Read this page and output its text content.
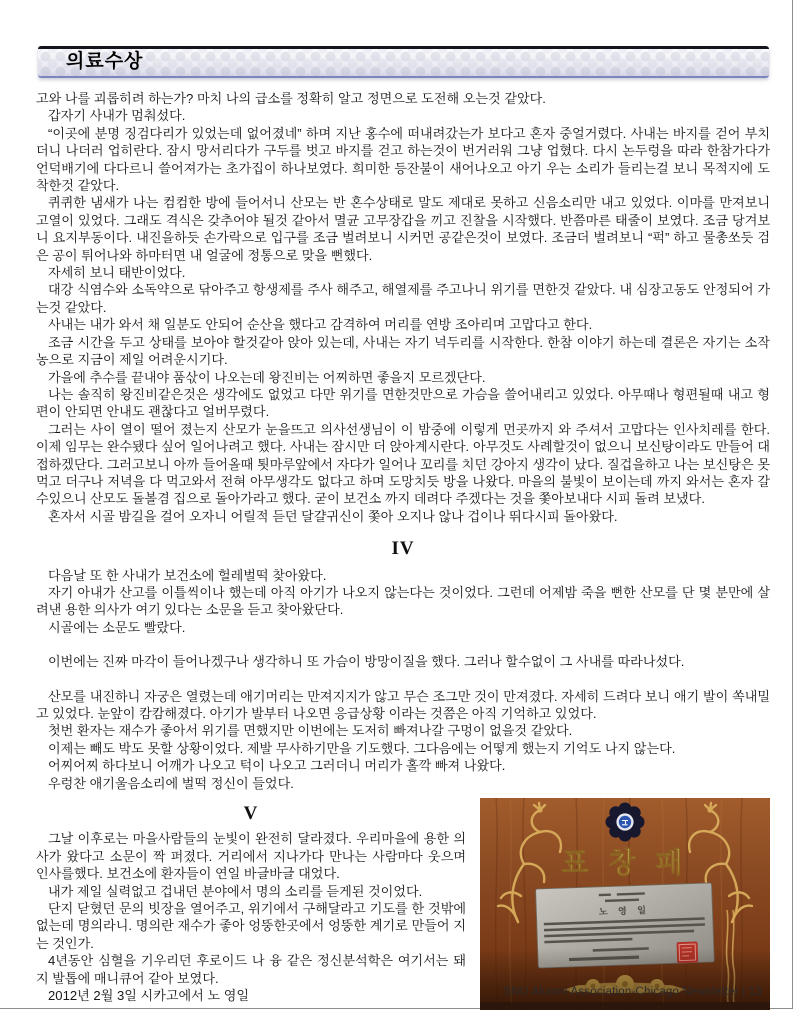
의료수상

고와 나를 괴롭히려 하는가? 마치 나의 급소를 정확히 알고 정면으로 도전해 오는것 같았다.

갑자기 사내가 멈춰섰다.

“이곳에 분명 징검다리가 있었는데 없어졌네” 하며 지난 홍수에 떠내려갔는가 보다고 혼자 중얼거렸다. 사내는 바지를 걷어 부치더니 나더러 업히란다. 잠시 망서리다가 구두를 벗고 바지를 걷고 하는것이 번거러워 그냥 업혔다. 다시 논두렁을 따라 한참가다가 언덕배기에 다다르니 쓸어져가는 초가집이 하나보였다. 희미한 등잔불이 새어나오고 아기 우는 소리가 들리는걸 보니 목적지에 도착한것 같았다.

퀴퀴한 냄새가 나는 컴컴한 방에 들어서니 산모는 반 혼수상태로 말도 제대로 못하고 신음소리만 내고 있었다. 이마를 만져보니 고열이 있었다. 그래도 격식은 갖추어야 될것 같아서 멸균 고무장갑을 끼고 진찰을 시작했다. 반쯤마른 태줄이 보였다. 조금 당겨보니 요지부동이다. 내진을하듯 손가락으로 입구를 조금 벌려보니 시커먼 공같은것이 보였다. 조금더 벌려보니 “퍽” 하고 물총쏘듯 검은 공이 튀어나와 하마터면 내 얼굴에 정통으로 맞을 뻔했다.

자세히 보니 태반이었다.

대강 식염수와 소독약으로 닦아주고 항생제를 주사 해주고, 해열제를 주고나니 위기를 면한것 같았다. 내 심장고동도 안정되어 가는것 같았다.

사내는 내가 와서 채 일분도 안되어 순산을 했다고 감격하여 머리를 연방 조아리며 고맙다고 한다.

조금 시간을 두고 상태를 보아야 할것같아 앉아 있는데, 사내는 자기 넉두리를 시작한다. 한참 이야기 하는데 결론은 자기는 소작농으로 지금이 제일 어려운시기다.

가을에 추수를 끝내야 품삯이 나오는데 왕진비는 어찌하면 좋을지 모르겠단다.

나는 솔직히 왕진비같은것은 생각에도 없었고 다만 위기를 면한것만으로 가슴을 쓸어내리고 있었다. 아무때나 형편될때 내고 형편이 안되면 안내도 괜찮다고 얼버무렸다.

그러는 사이 열이 떨어 졌는지 산모가 눈을뜨고 의사선생님이 이 밤중에 이렇게 먼곳까지 와 주셔서 고맙다는 인사치레를 한다. 이제 임무는 완수됐다 싶어 일어나려고 했다. 사내는 잠시만 더 앉아계시란다. 아무것도 사례할것이 없으니 보신탕이라도 만들어 대접하겠단다. 그러고보니 아까 들어올때 툇마루앞에서 자다가 일어나 꼬리를 치던 강아지 생각이 났다. 질겁을하고 나는 보신탕은 못먹고 더구나 저녁을 다 먹고와서 전혀 아무생각도 없다고 하며 도망치듯 방을 나왔다. 마을의 불빛이 보이는데 까지 와서는 혼자 갈 수있으니 산모도 돌볼겸 집으로 돌아가라고 했다. 굳이 보건소 까지 데려다 주겠다는 것을 쫓아보내다 시피 돌려 보냈다.

혼자서 시골 밤길을 걸어 오자니 어릴적 듣던 달걀귀신이 쫓아 오지나 않나 겁이나 뛰다시피 돌아왔다.

IV

다음날 또 한 사내가 보건소에 헐레벌떡 찾아왔다.

자기 아내가 산고를 이틀씩이나 했는데 아직 아기가 나오지 않는다는 것이었다. 그런데 어제밤 죽을 뻔한 산모를 단 몇 분만에 살려낸 용한 의사가 여기 있다는 소문을 듣고 찾아왔단다.

시골에는 소문도 빨랐다.

이번에는 진짜 마각이 들어나겠구나 생각하니 또 가슴이 방망이질을 했다. 그러나 할수없이 그 사내를 따라나섰다.

산모를 내진하니 자궁은 열렸는데 애기머리는 만져지지가 않고 무슨 조그만 것이 만져졌다. 자세히 드려다 보니 애기 발이 쏙내밀고 있었다. 눈앞이 캄캄해졌다. 아기가 발부터 나오면 응급상황 이라는 것쯤은 아직 기억하고 있었다.

첫번 환자는 재수가 좋아서 위기를 면했지만 이번에는 도저히 빠져나갈 구멍이 없을것 같았다.

이제는 빼도 박도 못할 상황이었다. 제발 무사하기만을 기도했다. 그다음에는 어떻게 했는지 기억도 나지 않는다.

어찌어찌 하다보니 어깨가 나오고 턱이 나오고 그러더니 머리가 홀깍 빠져 나왔다.

우렁찬 애기울음소리에 벌떡 정신이 들었다.

표창패
노 영 일
V

그날 이후로는 마을사람들의 눈빛이 완전히 달라졌다. 우리마을에 용한 의사가 왔다고 소문이 짝 퍼졌다. 거리에서 지나가다 만나는 사람마다 웃으며 인사를했다. 보건소에 환자들이 연일 바글바글 대었다.

내가 제일 실력없고 겁내던 분야에서 명의 소리를 듣게된 것이었다.

단지 닫혔던 문의 빗장을 열어주고, 위기에서 구해달라고 기도를 한 것밖에 없는데 명의라니. 명의란 재수가 좋아 엉뚱한곳에서 엉뚱한 계기로 만들어 지는 것인가.

4년동안 심혈을 기우리던 후로이드 나 융 같은 정신분석학은 여기서는 돼지 발톱에 매니큐어 같아 보였다.

2012년 2월 3일 시카고에서 노 영일	SNU Alumni Association-Chicago Newsletter | 13
